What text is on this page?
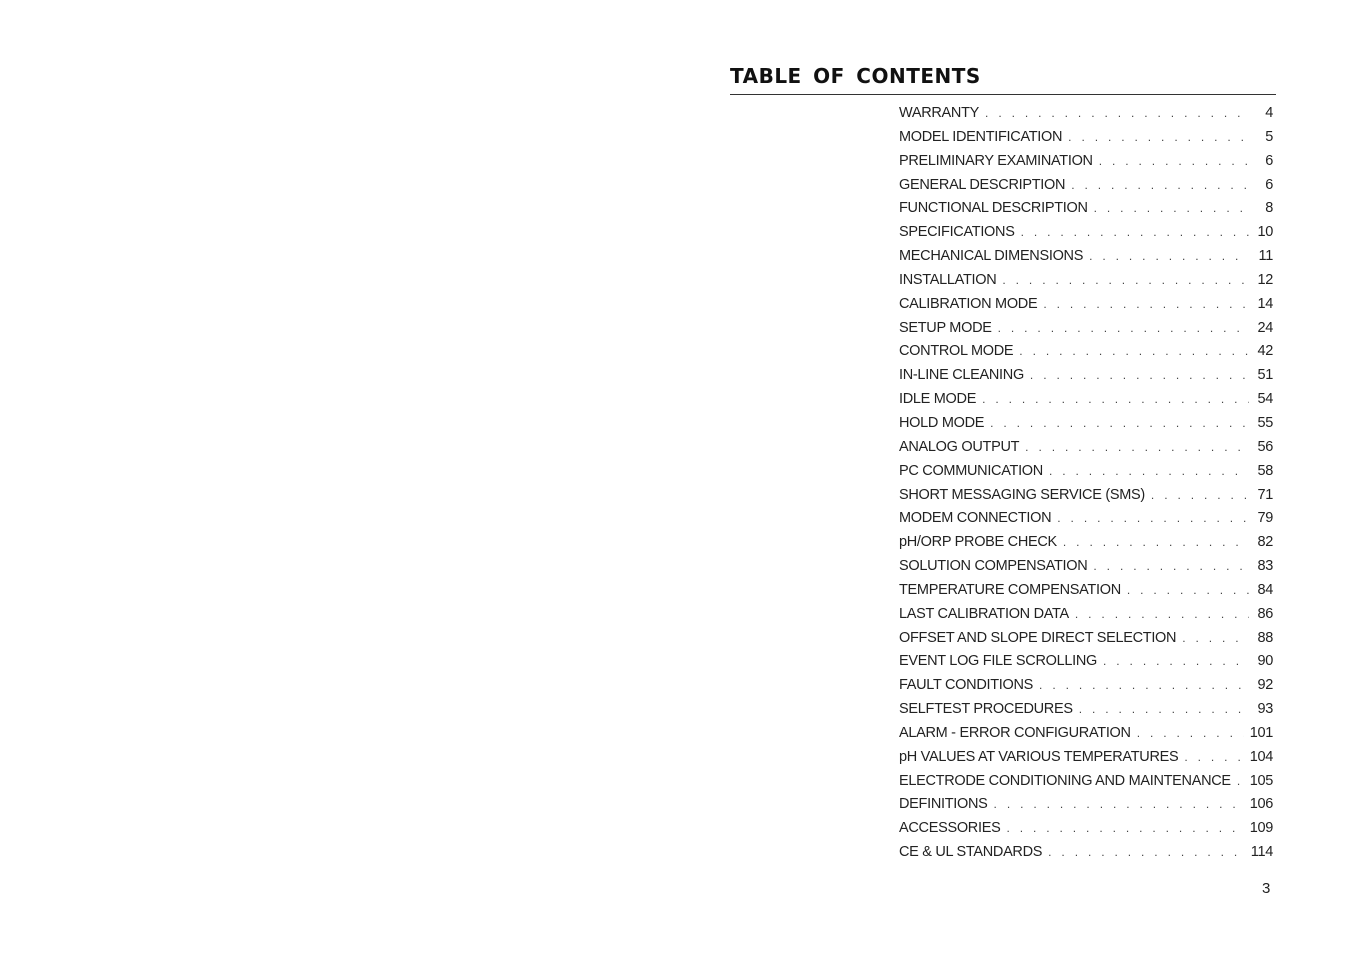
TABLE OF CONTENTS
WARRANTY . . .	4
MODEL IDENTIFICATION . . .	5
PRELIMINARY EXAMINATION . . .	6
GENERAL DESCRIPTION . . .	6
FUNCTIONAL DESCRIPTION . . .	8
SPECIFICATIONS . . .	10
MECHANICAL DIMENSIONS . . .	11
INSTALLATION . . .	12
CALIBRATION MODE . . .	14
SETUP MODE . . .	24
CONTROL MODE . . .	42
IN-LINE CLEANING . . .	51
IDLE MODE . . .	54
HOLD MODE . . .	55
ANALOG OUTPUT . . .	56
PC COMMUNICATION . . .	58
SHORT MESSAGING SERVICE (SMS) . . .	71
MODEM CONNECTION . . .	79
pH/ORP PROBE CHECK . . .	82
SOLUTION COMPENSATION . . .	83
TEMPERATURE COMPENSATION . . .	84
LAST CALIBRATION DATA . . .	86
OFFSET AND SLOPE DIRECT SELECTION . . .	88
EVENT LOG FILE SCROLLING . . .	90
FAULT CONDITIONS . . .	92
SELFTEST PROCEDURES . . .	93
ALARM - ERROR CONFIGURATION . . .	101
pH VALUES AT VARIOUS TEMPERATURES . . .	104
ELECTRODE CONDITIONING AND MAINTENANCE . . . 105
DEFINITIONS . . .	106
ACCESSORIES . . .	109
CE & UL STANDARDS . . .	114
3
